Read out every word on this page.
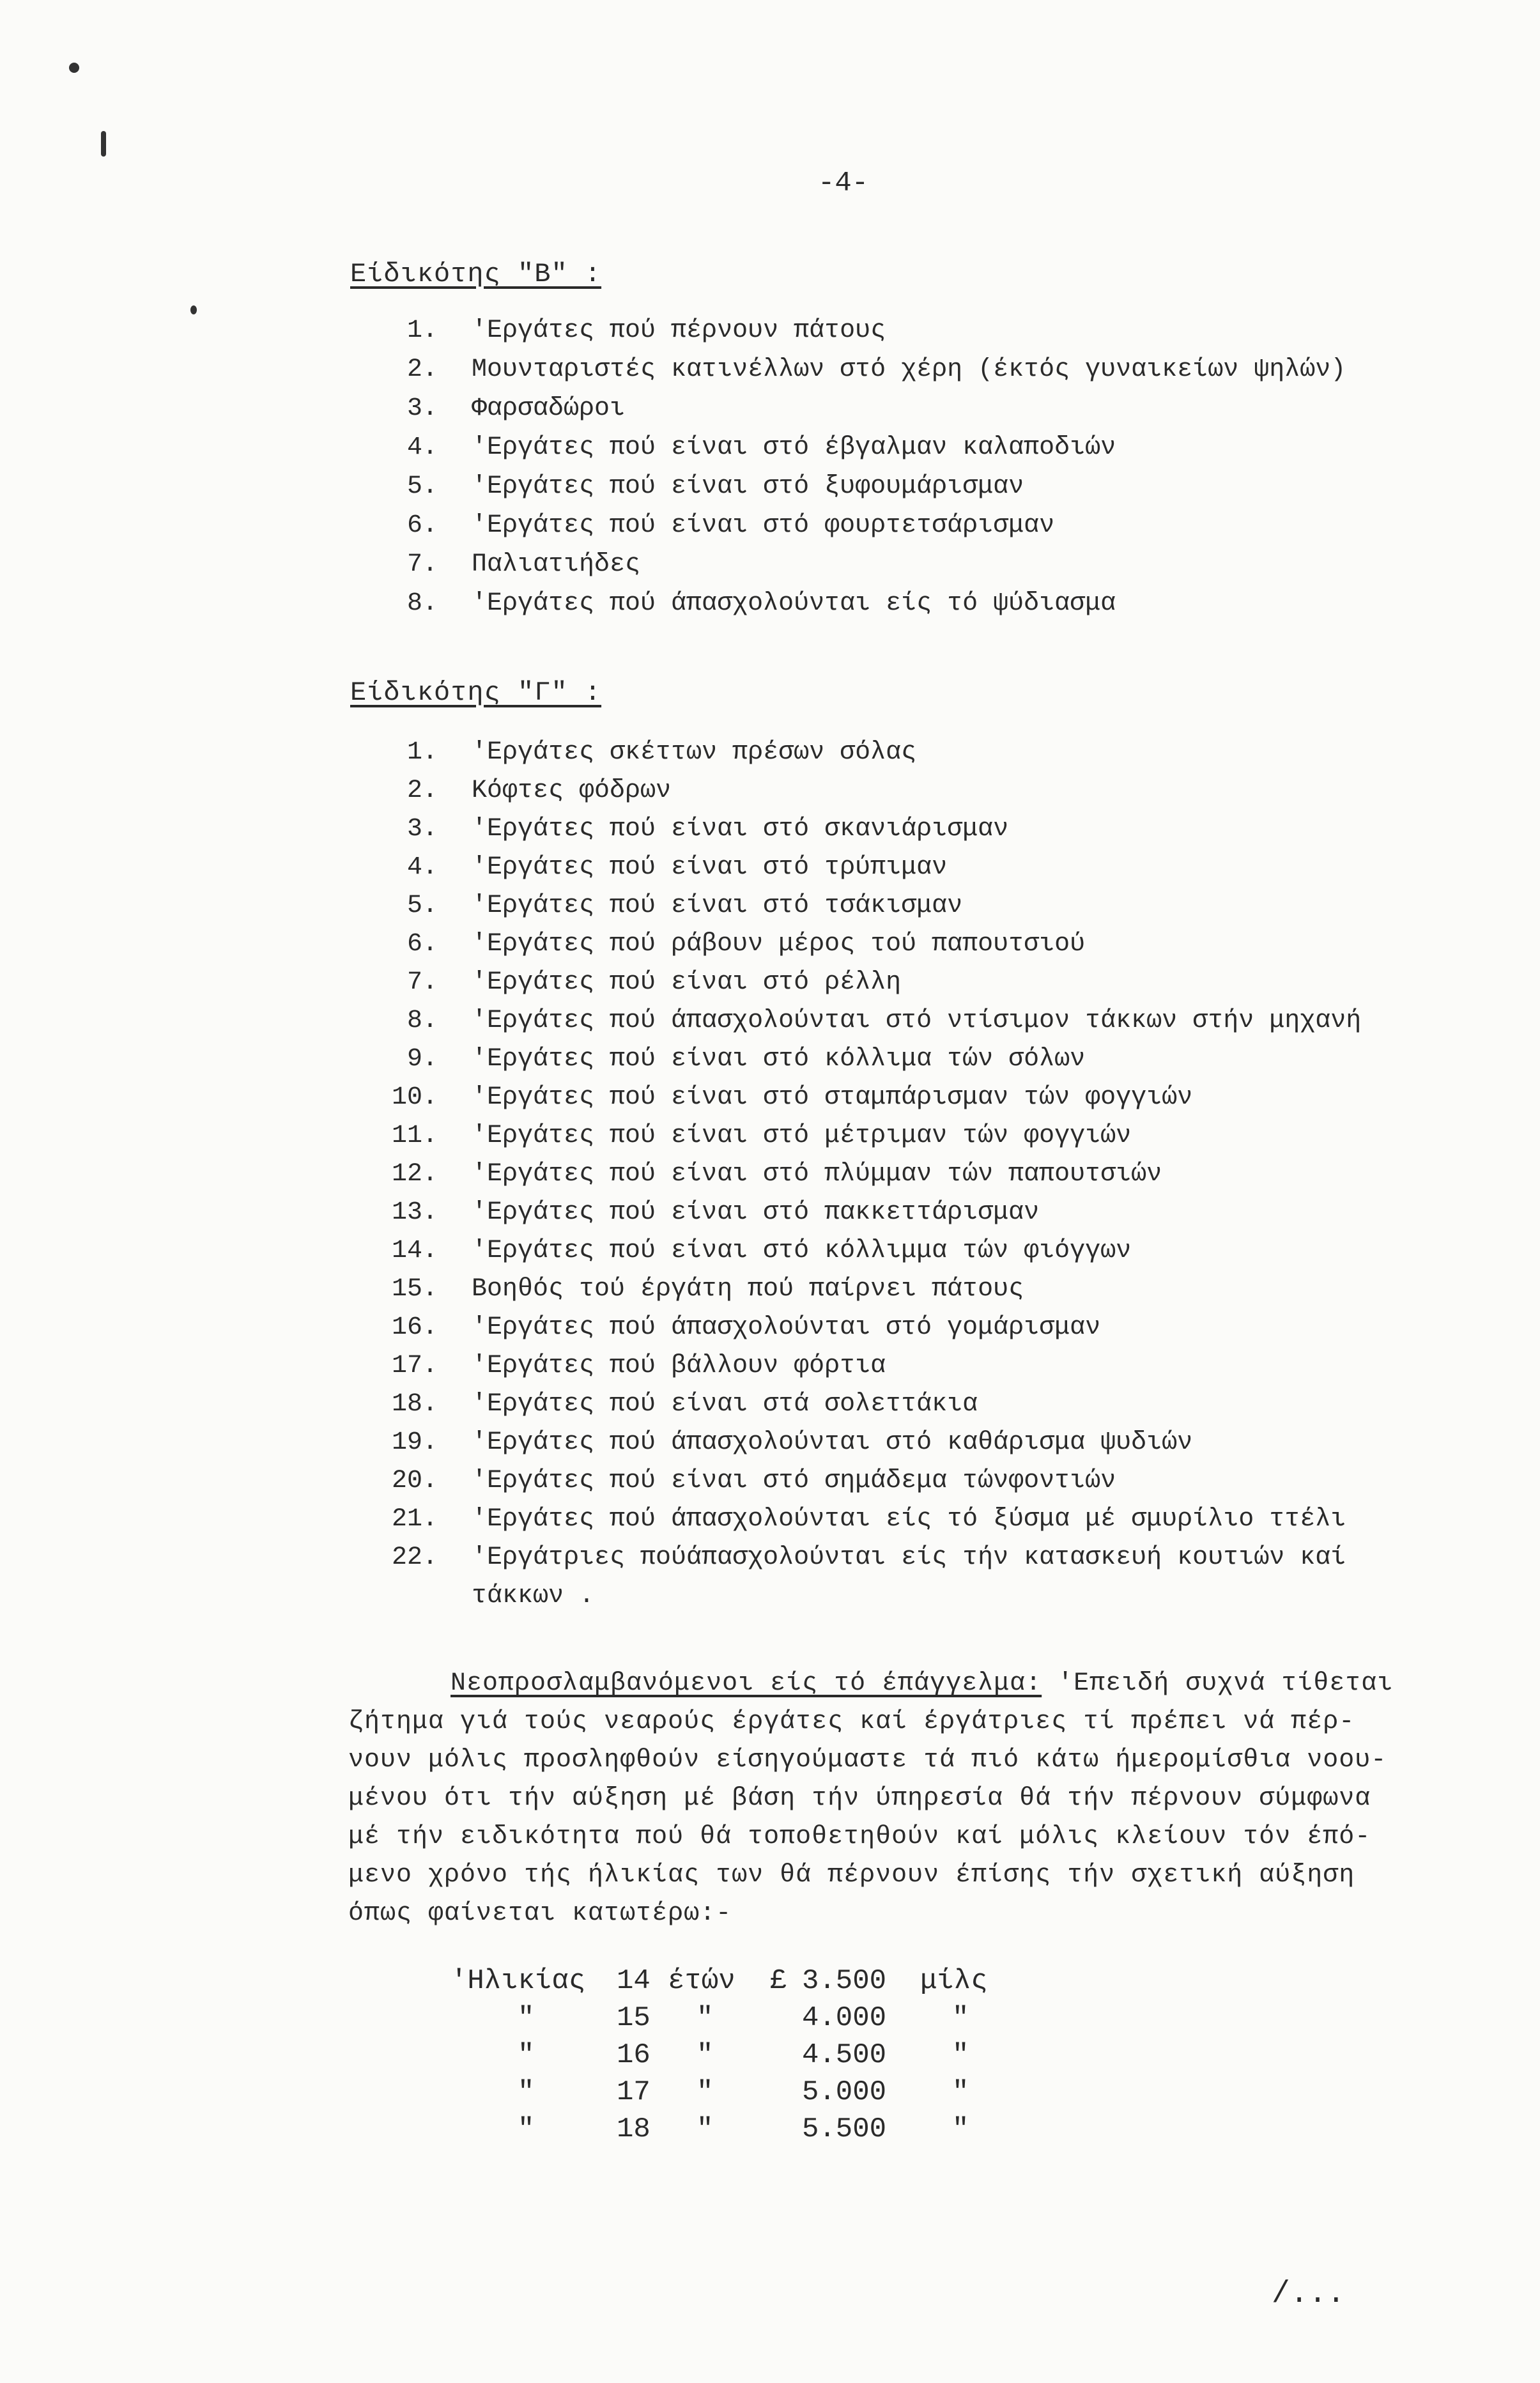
-4-
Είδικότης "Β" :
1. 'Εργάτες πού πέρνουν πάτους
2. Μουνταριστές κατινέλλων στό χέρη (έκτός γυναικείων ψηλών)
3. Φαρσαδώροι
4. 'Εργάτες πού είναι στό έβγαλμαν καλαποδιών
5. 'Εργάτες πού είναι στό ξυφουμάρισμαν
6. 'Εργάτες πού είναι στό φουρτετσάρισμαν
7. Παλιατιήδες
8. 'Εργάτες πού άπασχολούνται είς τό ψύδιασμα
Είδικότης "Γ" :
1. 'Εργάτες σκέττων πρέσων σόλας
2. Κόφτες φόδρων
3. 'Εργάτες πού είναι στό σκανιάρισμαν
4. 'Εργάτες πού είναι στό τρύπιμαν
5. 'Εργάτες πού είναι στό τσάκισμαν
6. 'Εργάτες πού ράβουν μέρος τού παπουτσιού
7. 'Εργάτες πού είναι στό ρέλλη
8. 'Εργάτες πού άπασχολούνται στό ντίσιμον τάκκων στήν μηχανή
9. 'Εργάτες πού είναι στό κόλλιμα τών σόλων
10. 'Εργάτες πού είναι στό σταμπάρισμαν τών φογγιών
11. 'Εργάτες πού είναι στό μέτριμαν τών φογγιών
12. 'Εργάτες πού είναι στό πλύμμαν τών παπουτσιών
13. 'Εργάτες πού είναι στό πακκεττάρισμαν
14. 'Εργάτες πού είναι στό κόλλιμμα τών φιόγγων
15. Βοηθός τού έργάτη πού παίρνει πάτους
16. 'Εργάτες πού άπασχολούνται στό γομάρισμαν
17. 'Εργάτες πού βάλλουν φόρτια
18. 'Εργάτες πού είναι στά σολεττάκια
19. 'Εργάτες πού άπασχολούνται στό καθάρισμα ψυδιών
20. 'Εργάτες πού είναι στό σημάδεμα τώνφοντιών
21. 'Εργάτες πού άπασχολούνται είς τό ξύσμα μέ σμυρίλιο ττέλι
22. 'Εργάτριες πούάπασχολούνται είς τήν κατασκευή κουτιών καί
τάκκων .
Νεοπροσλαμβανόμενοι είς τό έπάγγελμα: 'Επειδή συχνά τίθεται
ζήτημα γιά τούς νεαρούς έργάτες καί έργάτριες τί πρέπει νά πέρ-
νουν μόλις προσληφθούν είσηγούμαστε τά πιό κάτω ήμερομίσθια νοου-
μένου ότι τήν αύξηση μέ βάση τήν ύπηρεσία θά τήν πέρνουν σύμφωνα
μέ τήν ειδικότητα πού θά τοποθετηθούν καί μόλις κλείουν τόν έπό-
μενο χρόνο τής ήλικίας των θά πέρνουν έπίσης τήν σχετική αύξηση
όπως φαίνεται κατωτέρω:-
'Ηλικίας 14 έτών £ 3.500 μίλς
"	15 "	4.000 "
"	16 "	4.500 "
"	17 "	5.000 "
"	18 "	5.500 "
/...
